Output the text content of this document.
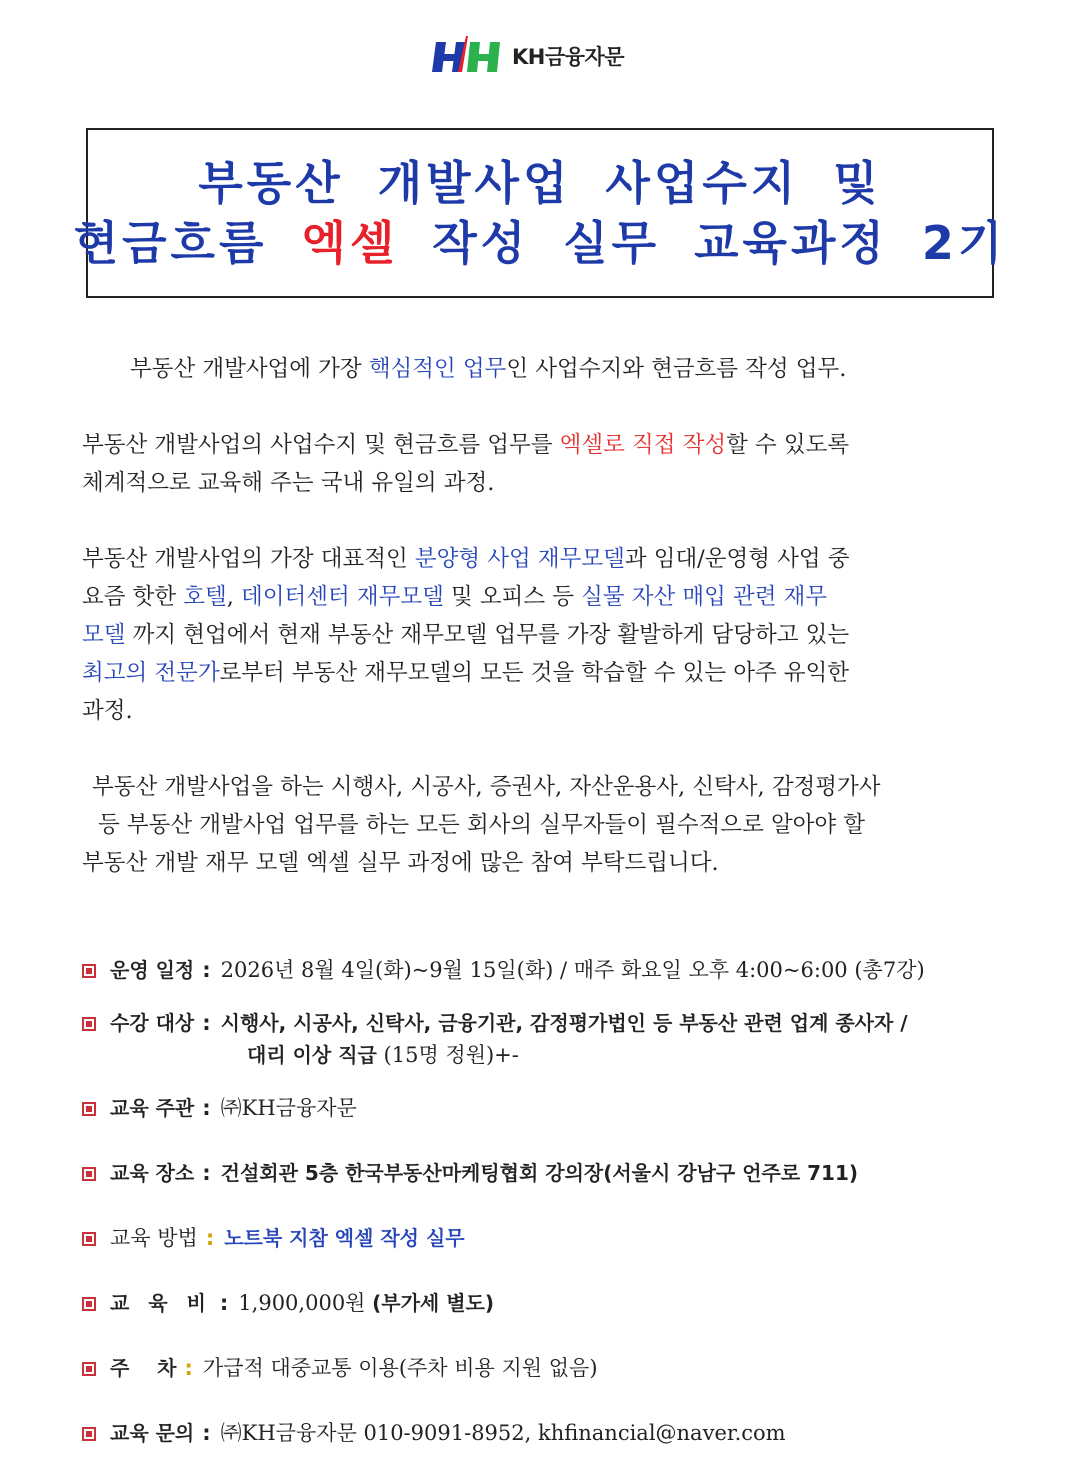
KH금융자문
부동산 개발사업 사업수지 및
현금흐름 엑셀 작성 실무 교육과정 2기
부동산 개발사업에 가장 핵심적인 업무인 사업수지와 현금흐름 작성 업무.
부동산 개발사업의 사업수지 및 현금흐름 업무를 엑셀로 직접 작성할 수 있도록
체계적으로 교육해 주는 국내 유일의 과정.
부동산 개발사업의 가장 대표적인 분양형 사업 재무모델과 임대/운영형 사업 중
요즘 핫한 호텔, 데이터센터 재무모델 및 오피스 등 실물 자산 매입 관련 재무
모델 까지 현업에서 현재 부동산 재무모델 업무를 가장 활발하게 담당하고 있는
최고의 전문가로부터 부동산 재무모델의 모든 것을 학습할 수 있는 아주 유익한
과정.
부동산 개발사업을 하는 시행사, 시공사, 증권사, 자산운용사, 신탁사, 감정평가사
등 부동산 개발사업 업무를 하는 모든 회사의 실무자들이 필수적으로 알아야 할
부동산 개발 재무 모델 엑셀 실무 과정에 많은 참여 부탁드립니다.
운영 일정 : 2026년 8월 4일(화)~9월 15일(화) / 매주 화요일 오후 4:00~6:00 (총7강)
수강 대상 : 시행사, 시공사, 신탁사, 금융기관, 감정평가법인 등 부동산 관련 업계 종사자 /
대리 이상 직급 (15명 정원)+-
교육 주관 : ㈜KH금융자문
교육 장소 : 건설회관 5층 한국부동산마케팅협회 강의장(서울시 강남구 언주로 711)
교육 방법 : 노트북 지참 엑셀 작성 실무
교 육 비 : 1,900,000원 (부가세 별도)
주    차 : 가급적 대중교통 이용(주차 비용 지원 없음)
교육 문의 : ㈜KH금융자문 010-9091-8952, khfinancial@naver.com
